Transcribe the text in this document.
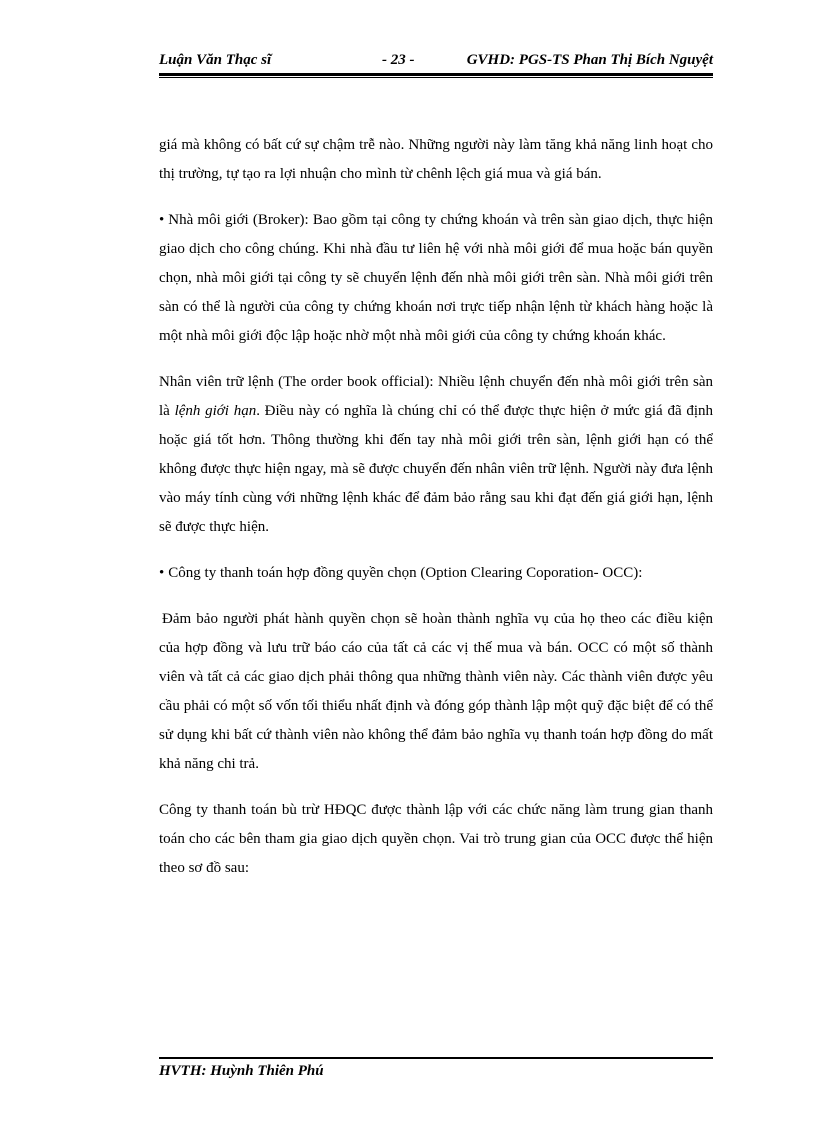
Luận Văn Thạc sĩ	- 23 -	GVHD: PGS-TS Phan Thị Bích Nguyệt

giá mà không có bất cứ sự chậm trễ nào. Những người này làm tăng khả năng linh hoạt cho thị trường, tự tạo ra lợi nhuận cho mình từ chênh lệch giá mua và giá bán.

• Nhà môi giới (Broker): Bao gồm tại công ty chứng khoán và trên sàn giao dịch, thực hiện giao dịch cho công chúng. Khi nhà đầu tư liên hệ với nhà môi giới để mua hoặc bán quyền chọn, nhà môi giới tại công ty sẽ chuyển lệnh đến nhà môi giới trên sàn. Nhà môi giới trên sàn có thể là người của công ty chứng khoán nơi trực tiếp nhận lệnh từ khách hàng hoặc là một nhà môi giới độc lập hoặc nhờ một nhà môi giới của công ty chứng khoán khác.

Nhân viên trữ lệnh (The order book official): Nhiều lệnh chuyển đến nhà môi giới trên sàn là lệnh giới hạn. Điều này có nghĩa là chúng chỉ có thể được thực hiện ở mức giá đã định hoặc giá tốt hơn. Thông thường khi đến tay nhà môi giới trên sàn, lệnh giới hạn có thể không được thực hiện ngay, mà sẽ được chuyển đến nhân viên trữ lệnh. Người này đưa lệnh vào máy tính cùng với những lệnh khác để đảm bảo rằng sau khi đạt đến giá giới hạn, lệnh sẽ được thực hiện.

• Công ty thanh toán hợp đồng quyền chọn (Option Clearing Coporation- OCC):

Đảm bảo người phát hành quyền chọn sẽ hoàn thành nghĩa vụ của họ theo các điều kiện của hợp đồng và lưu trữ báo cáo của tất cả các vị thế mua và bán. OCC có một số thành viên và tất cả các giao dịch phải thông qua những thành viên này. Các thành viên được yêu cầu phải có một số vốn tối thiểu nhất định và đóng góp thành lập một quỹ đặc biệt để có thể sử dụng khi bất cứ thành viên nào không thể đảm bảo nghĩa vụ thanh toán hợp đồng do mất khả năng chi trả.

Công ty thanh toán bù trừ HĐQC được thành lập với các chức năng làm trung gian thanh toán cho các bên tham gia giao dịch quyền chọn. Vai trò trung gian của OCC được thể hiện theo sơ đồ sau:

HVTH: Huỳnh Thiên Phú
